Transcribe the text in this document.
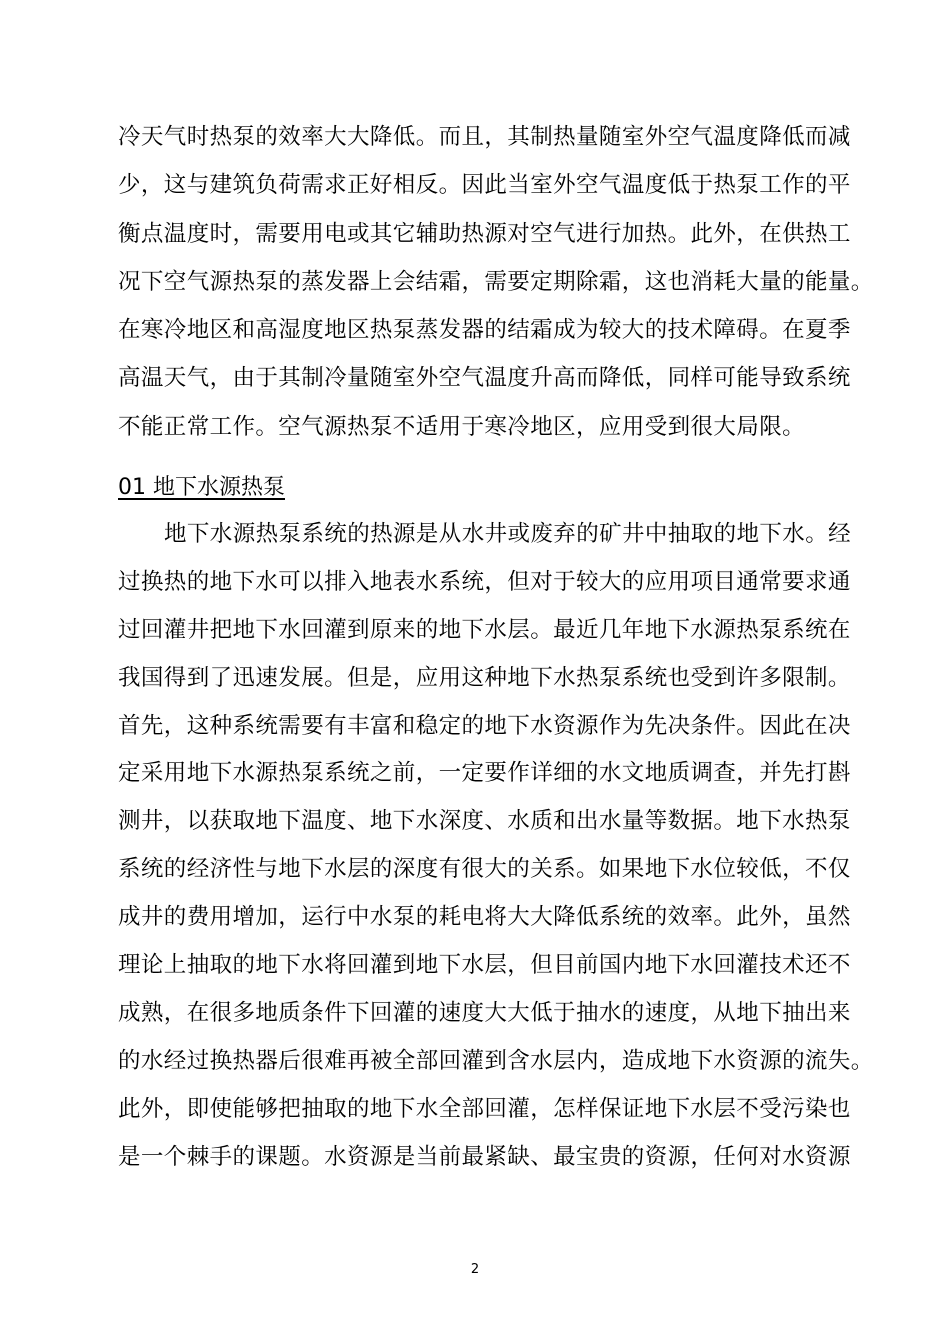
冷天气时热泵的效率大大降低。而且，其制热量随室外空气温度降低而减
少，这与建筑负荷需求正好相反。因此当室外空气温度低于热泵工作的平
衡点温度时，需要用电或其它辅助热源对空气进行加热。此外，在供热工
况下空气源热泵的蒸发器上会结霜，需要定期除霜，这也消耗大量的能量。
在寒冷地区和高湿度地区热泵蒸发器的结霜成为较大的技术障碍。在夏季
高温天气，由于其制冷量随室外空气温度升高而降低，同样可能导致系统
不能正常工作。空气源热泵不适用于寒冷地区，应用受到很大局限。
01 地下水源热泵
地下水源热泵系统的热源是从水井或废弃的矿井中抽取的地下水。经
过换热的地下水可以排入地表水系统，但对于较大的应用项目通常要求通
过回灌井把地下水回灌到原来的地下水层。最近几年地下水源热泵系统在
我国得到了迅速发展。但是，应用这种地下水热泵系统也受到许多限制。
首先，这种系统需要有丰富和稳定的地下水资源作为先决条件。因此在决
定采用地下水源热泵系统之前，一定要作详细的水文地质调查，并先打斟
测井，以获取地下温度、地下水深度、水质和出水量等数据。地下水热泵
系统的经济性与地下水层的深度有很大的关系。如果地下水位较低，不仅
成井的费用增加，运行中水泵的耗电将大大降低系统的效率。此外，虽然
理论上抽取的地下水将回灌到地下水层，但目前国内地下水回灌技术还不
成熟，在很多地质条件下回灌的速度大大低于抽水的速度，从地下抽出来
的水经过换热器后很难再被全部回灌到含水层内，造成地下水资源的流失。
此外，即使能够把抽取的地下水全部回灌，怎样保证地下水层不受污染也
是一个棘手的课题。水资源是当前最紧缺、最宝贵的资源，任何对水资源
2
